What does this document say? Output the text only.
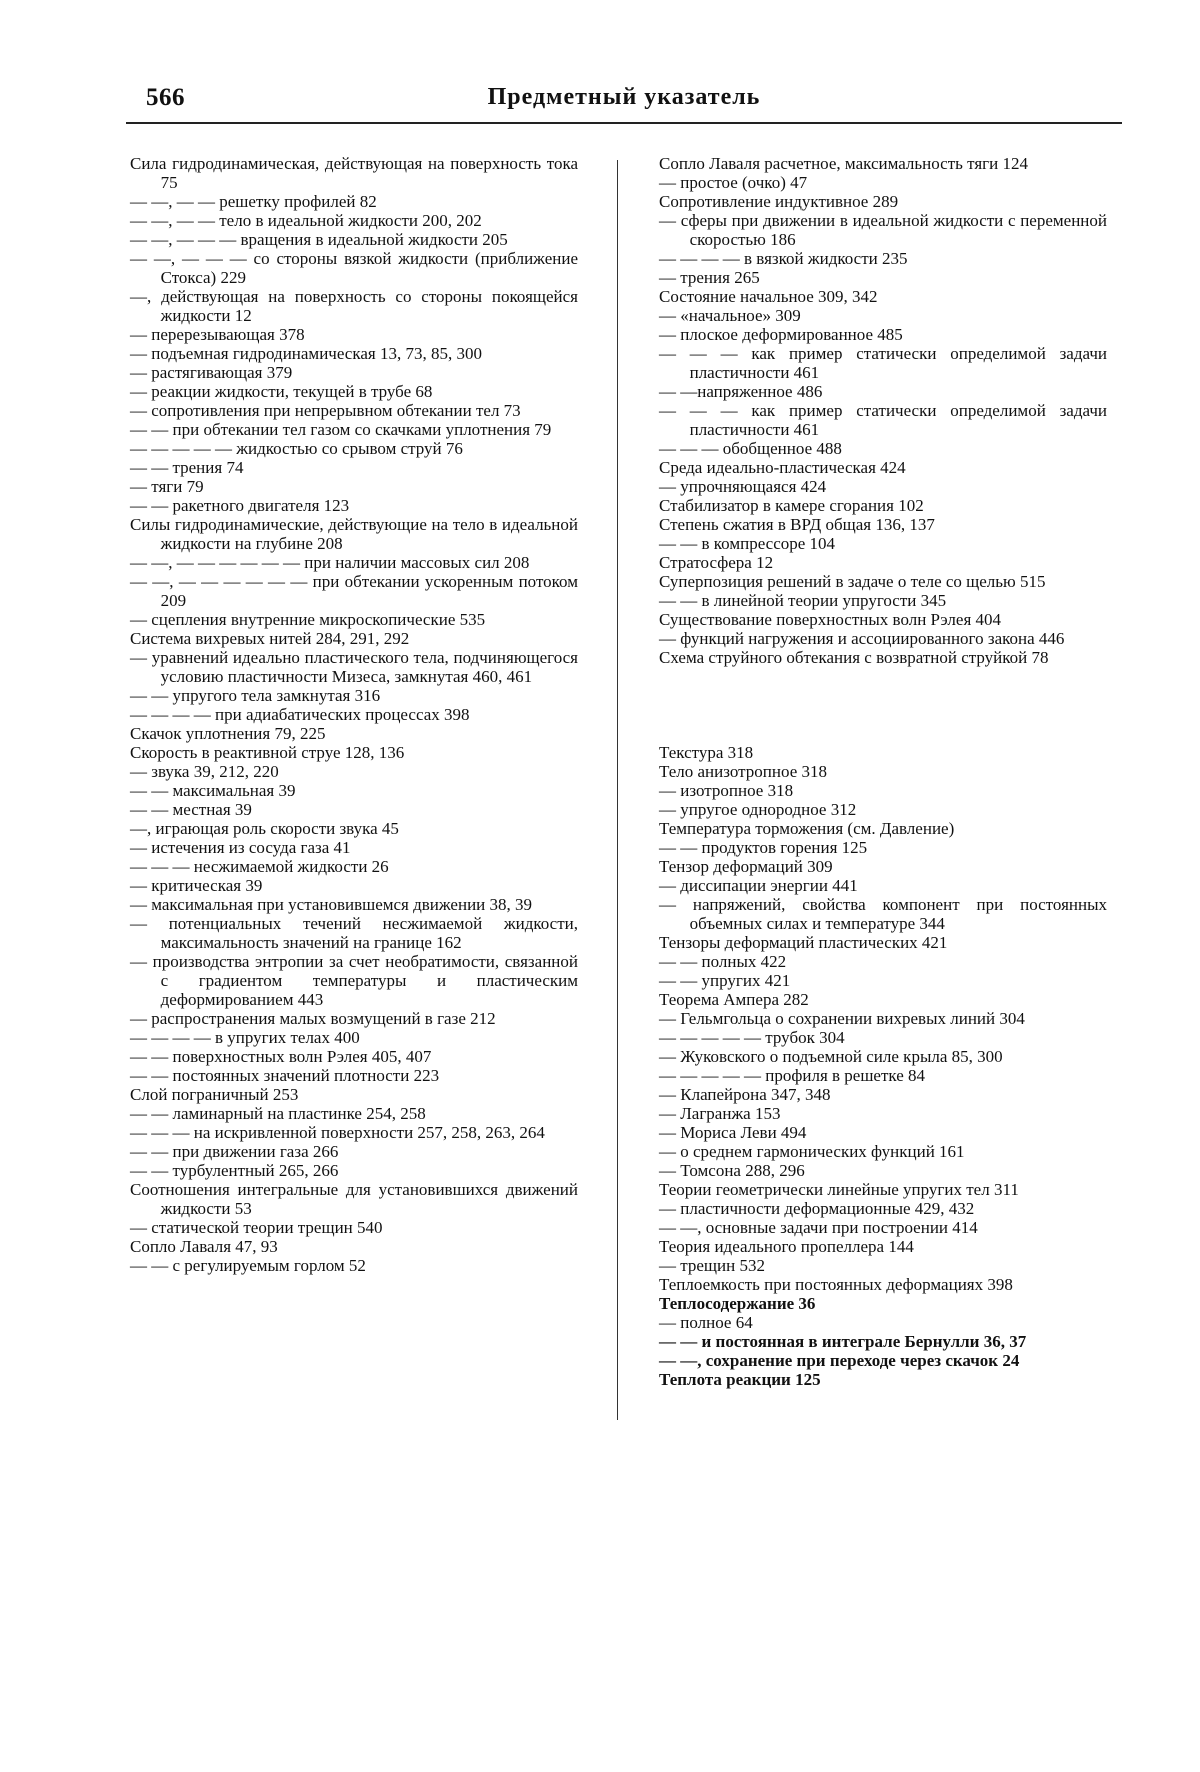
566	Предметный указатель

Сила гидродинамическая, действующая на поверхность тока 75

— —, — — решетку профилей 82

— —, — — тело в идеальной жидкости 200, 202

— —, — — — вращения в идеальной жидкости 205

— —, — — — со стороны вязкой жидкости (приближение Стокса) 229

—, действующая на поверхность со стороны покоящейся жидкости 12

— перерезывающая 378

— подъемная гидродинамическая 13, 73, 85, 300

— растягивающая 379

— реакции жидкости, текущей в трубе 68

— сопротивления при непрерывном обтекании тел 73

— — при обтекании тел газом со скачками уплотнения 79

— — — — — жидкостью со срывом струй 76

— — трения 74

— тяги 79

— — ракетного двигателя 123

Силы гидродинамические, действующие на тело в идеальной жидкости на глубине 208

— —, — — — — — — при наличии массовых сил 208

— —, — — — — — — при обтекании ускоренным потоком 209

— сцепления внутренние микроскопические 535

Система вихревых нитей 284, 291, 292

— уравнений идеально пластического тела, подчиняющегося условию пластичности Мизеса, замкнутая 460, 461

— — упругого тела замкнутая 316

— — — — при адиабатических процессах 398

Скачок уплотнения 79, 225

Скорость в реактивной струе 128, 136

— звука 39, 212, 220

— — максимальная 39

— — местная 39

—, играющая роль скорости звука 45

— истечения из сосуда газа 41

— — — несжимаемой жидкости 26

— критическая 39

— максимальная при установившемся движении 38, 39

— потенциальных течений несжимаемой жидкости, максимальность значений на границе 162

— производства энтропии за счет необратимости, связанной с градиентом температуры и пластическим деформированием 443

— распространения малых возмущений в газе 212

— — — — в упругих телах 400

— — поверхностных волн Рэлея 405, 407

— — постоянных значений плотности 223

Слой пограничный 253

— — ламинарный на пластинке 254, 258

— — — на искривленной поверхности 257, 258, 263, 264

— — при движении газа 266

— — турбулентный 265, 266

Соотношения интегральные для установившихся движений жидкости 53

— статической теории трещин 540

Сопло Лаваля 47, 93

— — с регулируемым горлом 52

Сопло Лаваля расчетное, максимальность тяги 124

— простое (очко) 47

Сопротивление индуктивное 289

— сферы при движении в идеальной жидкости с переменной скоростью 186

— — — — в вязкой жидкости 235

— трения 265

Состояние начальное 309, 342

— «начальное» 309

— плоское деформированное 485

— — — как пример статически определимой задачи пластичности 461

— —напряженное 486

— — — как пример статически определимой задачи пластичности 461

— — — обобщенное 488

Среда идеально-пластическая 424

— упрочняющаяся 424

Стабилизатор в камере сгорания 102

Степень сжатия в ВРД общая 136, 137

— — в компрессоре 104

Стратосфера 12

Суперпозиция решений в задаче о теле со щелью 515

— — в линейной теории упругости 345

Существование поверхностных волн Рэлея 404

— функций нагружения и ассоциированного закона 446

Схема струйного обтекания с возвратной струйкой 78

Текстура 318

Тело анизотропное 318

— изотропное 318

— упругое однородное 312

Температура торможения (см. Давление)

— — продуктов горения 125

Тензор деформаций 309

— диссипации энергии 441

— напряжений, свойства компонент при постоянных объемных силах и температуре 344

Тензоры деформаций пластических 421

— — полных 422

— — упругих 421

Теорема Ампера 282

— Гельмгольца о сохранении вихревых линий 304

— — — — — трубок 304

— Жуковского о подъемной силе крыла 85, 300

— — — — — профиля в решетке 84

— Клапейрона 347, 348

— Лагранжа 153

— Мориса Леви 494

— о среднем гармонических функций 161

— Томсона 288, 296

Теории геометрически линейные упругих тел 311

— пластичности деформационные 429, 432

— —, основные задачи при построении 414

Теория идеального пропеллера 144

— трещин 532

Теплоемкость при постоянных деформациях 398

Теплосодержание 36

— полное 64

— — и постоянная в интеграле Бернулли 36, 37

— —, сохранение при переходе через скачок 24

Теплота реакции 125
